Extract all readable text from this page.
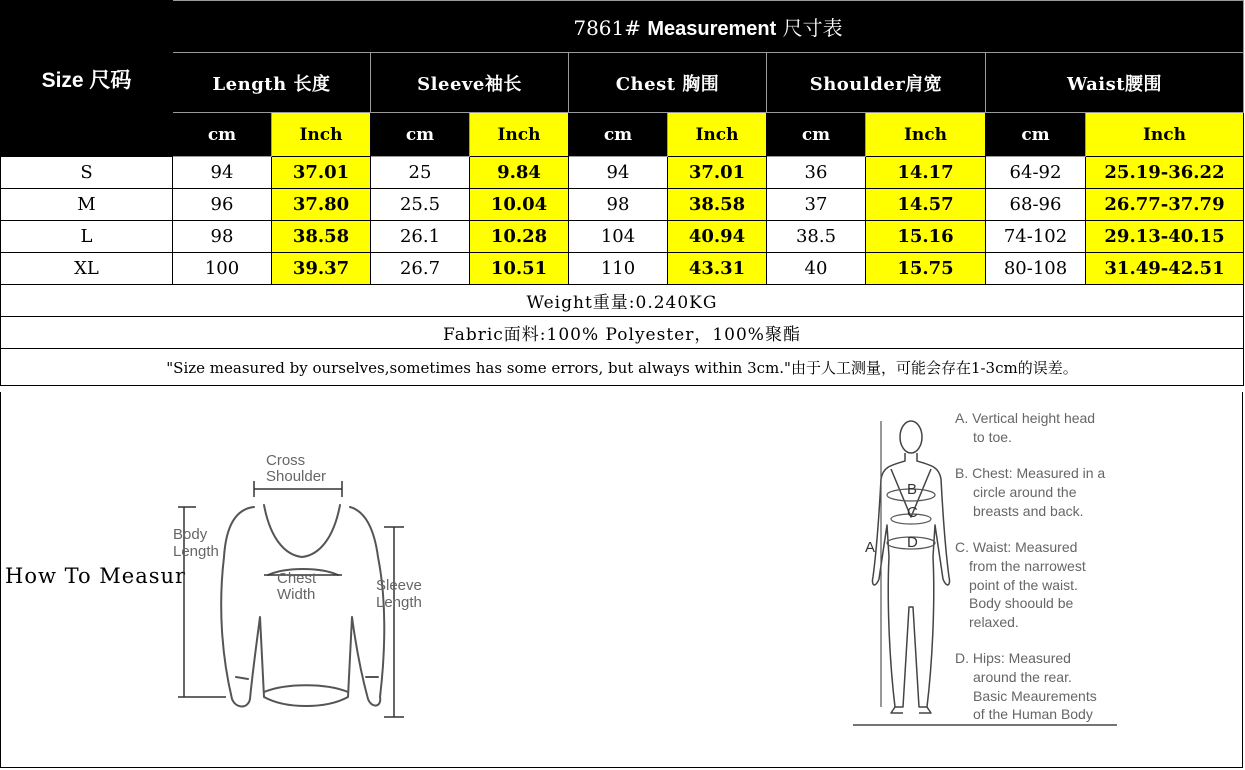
Size 尺码	7861# Measurement 尺寸表									
	Length 长度		Sleeve袖长		Chest 胸围		Shoulder肩宽		Waist腰围	
	cm	Inch	cm	Inch	cm	Inch	cm	Inch	cm	Inch
S	94	37.01	25	9.84	94	37.01	36	14.17	64-92	25.19-36.22
M	96	37.80	25.5	10.04	98	38.58	37	14.57	68-96	26.77-37.79
L	98	38.58	26.1	10.28	104	40.94	38.5	15.16	74-102	29.13-40.15
XL	100	39.37	26.7	10.51	110	43.31	40	15.75	80-108	31.49-42.51
Weight重量:0.240KG										
Fabric面料:100% Polyester，100%聚酯										
"Size measured by ourselves,sometimes has some errors, but always within 3cm."由于人工测量，可能会存在1-3cm的误差。										
How To Measur
Cross
Shoulder
Body
Length
Chest
Width
Sleeve
Length
B
C
D
A
A. Vertical height head
to toe.
B. Chest: Measured in a
circle around the
breasts and back.
C. Waist: Measured
from the narrowest
point of the waist.
Body shoould be
relaxed.
D. Hips: Measured
around the rear.
Basic Meaurements
of the Human Body
